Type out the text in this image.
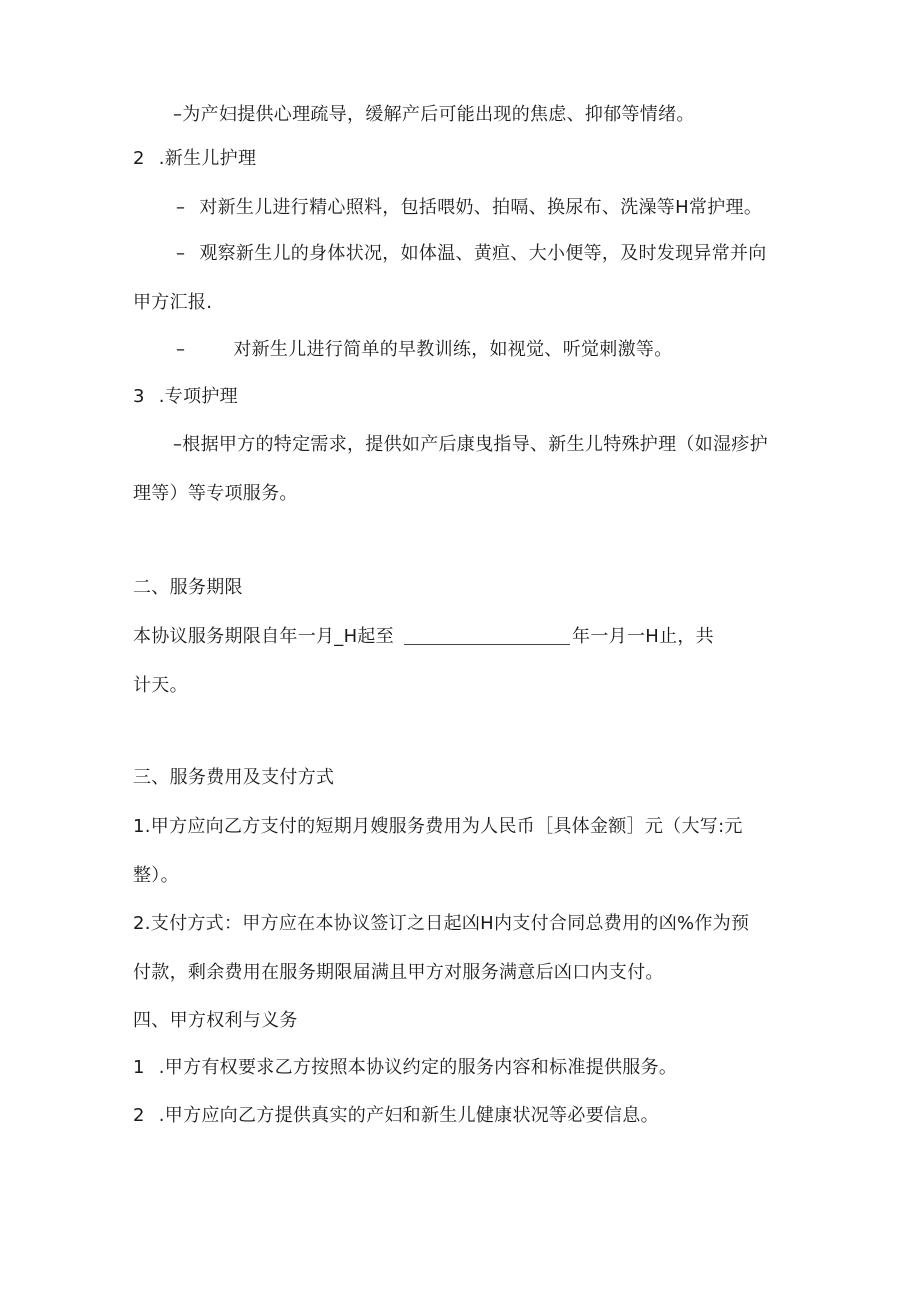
–为产妇提供心理疏导，缓解产后可能出现的焦虑、抑郁等情绪。
2 .新生儿护理
– 对新生儿进行精心照料，包括喂奶、拍嗝、换尿布、洗澡等H常护理。
– 观察新生儿的身体状况，如体温、黄疸、大小便等，及时发现异常并向
甲方汇报.
–	对新生儿进行简单的早教训练，如视觉、听觉刺激等。
3 .专项护理
–根据甲方的特定需求，提供如产后康曳指导、新生儿特殊护理（如湿疹护
理等）等专项服务。
二、服务期限
本协议服务期限自年一月_H起至	年一月一H止，共
计天。
三、服务费用及支付方式
1.甲方应向乙方支付的短期月嫂服务费用为人民币［具体金额］元（大写:元
整）。
2.支付方式：甲方应在本协议签订之日起凶H内支付合同总费用的凶%作为预
付款，剩余费用在服务期限届满且甲方对服务满意后凶口内支付。
四、甲方权利与义务
1 .甲方有权要求乙方按照本协议约定的服务内容和标准提供服务。
2 .甲方应向乙方提供真实的产妇和新生儿健康状况等必要信息。
